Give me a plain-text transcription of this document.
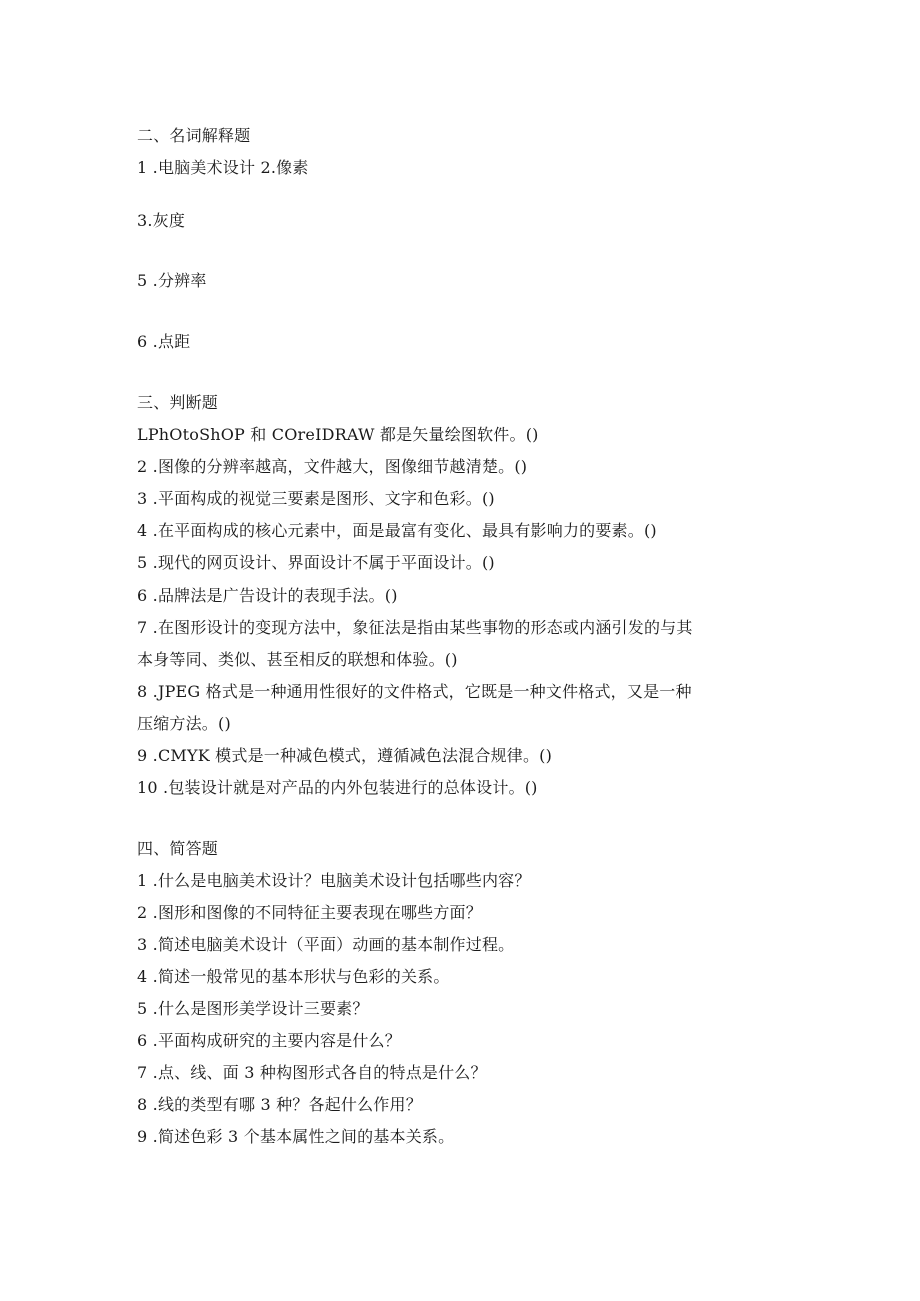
二、名词解释题
1 .电脑美术设计 2.像素
3.灰度
5 .分辨率
6 .点距
三、判断题
LPhOtoShOP 和 COreIDRAW 都是矢量绘图软件。()
2 .图像的分辨率越高，文件越大，图像细节越清楚。()
3 .平面构成的视觉三要素是图形、文字和色彩。()
4 .在平面构成的核心元素中，面是最富有变化、最具有影响力的要素。()
5 .现代的网页设计、界面设计不属于平面设计。()
6 .品牌法是广告设计的表现手法。()
7 .在图形设计的变现方法中，象征法是指由某些事物的形态或内涵引发的与其
本身等同、类似、甚至相反的联想和体验。()
8 .JPEG 格式是一种通用性很好的文件格式，它既是一种文件格式，又是一种
压缩方法。()
9 .CMYK 模式是一种减色模式，遵循减色法混合规律。()
10 .包装设计就是对产品的内外包装进行的总体设计。()
四、简答题
1 .什么是电脑美术设计？电脑美术设计包括哪些内容？
2 .图形和图像的不同特征主要表现在哪些方面？
3 .简述电脑美术设计（平面）动画的基本制作过程。
4 .简述一般常见的基本形状与色彩的关系。
5 .什么是图形美学设计三要素？
6 .平面构成研究的主要内容是什么？
7 .点、线、面 3 种构图形式各自的特点是什么？
8 .线的类型有哪 3 种？各起什么作用？
9 .简述色彩 3 个基本属性之间的基本关系。
